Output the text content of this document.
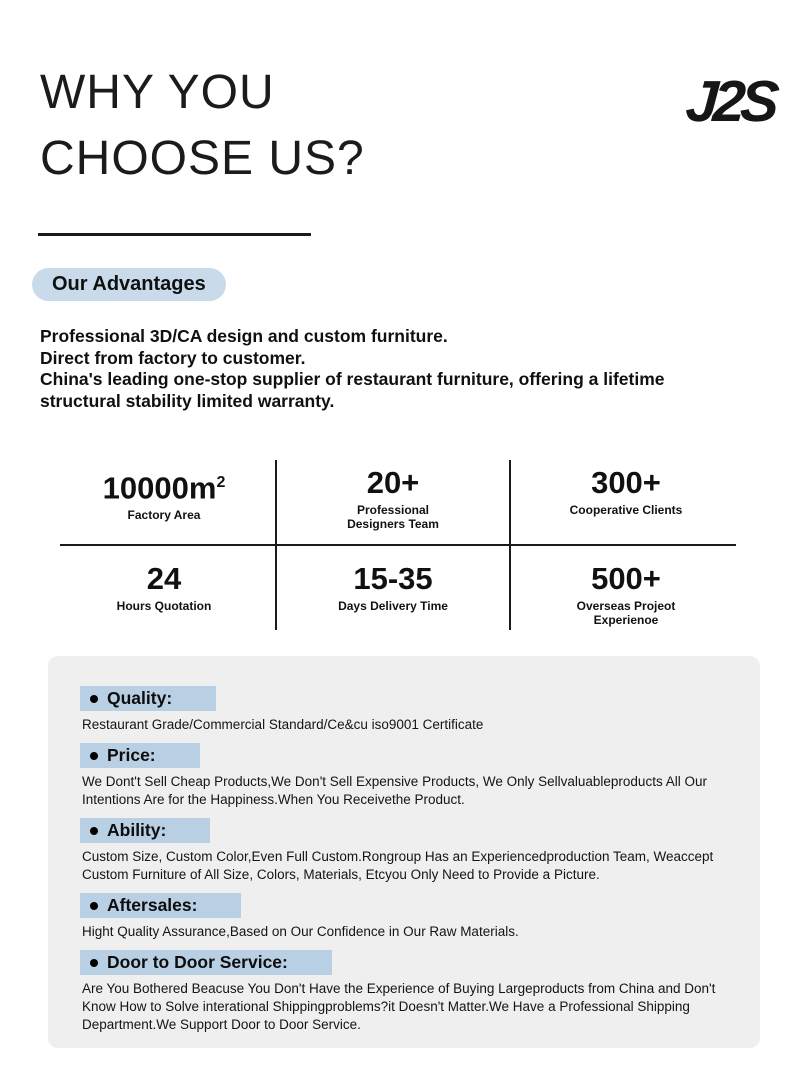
J2S
WHY YOU
CHOOSE US?
Our Advantages
Professional 3D/CA design and custom furniture.
Direct from factory to customer.
China's leading one-stop supplier of restaurant furniture, offering a lifetime structural stability limited warranty.
$10000m^2$
Factory Area
20+
Professional Designers Team
300+
Cooperative Clients
24
Hours Quotation
15-35
Days Delivery Time
500+
Overseas Projeot Experienoe
Quality:
Restaurant Grade/Commercial Standard/Ce&cu iso9001 Certificate
Price:
We Dont't Sell Cheap Products,We Don't Sell Expensive Products, We Only Sellvaluableproducts All Our Intentions Are for the Happiness.When You Receivethe Product.
Ability:
Custom Size, Custom Color,Even Full Custom.Rongroup Has an Experiencedproduction Team, Weaccept Custom Furniture of All Size, Colors, Materials, Etcyou Only Need to Provide a Picture.
Aftersales:
Hight Quality Assurance,Based on Our Confidence in Our Raw Materials.
Door to Door Service:
Are You Bothered Beacuse You Don't Have the Experience of Buying Largeproducts from China and Don't Know How to Solve interational Shippingproblems?it Doesn't Matter.We Have a Professional Shipping Department.We Support Door to Door Service.
